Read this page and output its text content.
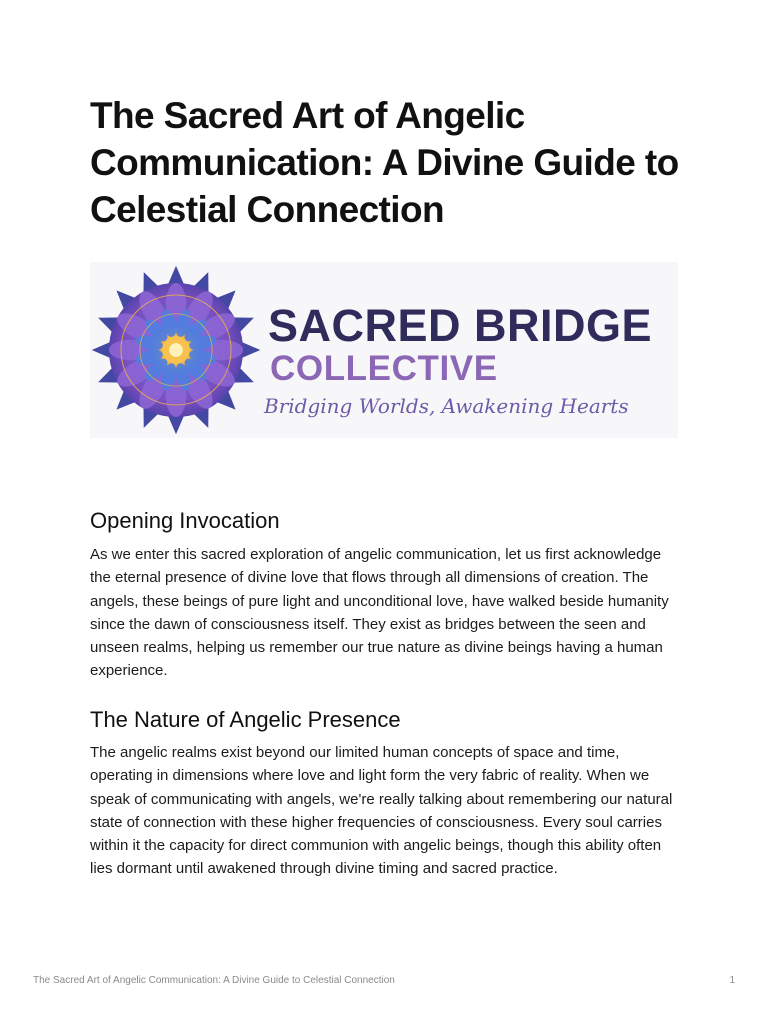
The Sacred Art of Angelic Communication: A Divine Guide to Celestial Connection
SACRED BRIDGE
COLLECTIVE
Bridging Worlds, Awakening Hearts
Opening Invocation

As we enter this sacred exploration of angelic communication, let us first acknowledge the eternal presence of divine love that flows through all dimensions of creation. The angels, these beings of pure light and unconditional love, have walked beside humanity since the dawn of consciousness itself. They exist as bridges between the seen and unseen realms, helping us remember our true nature as divine beings having a human experience.

The Nature of Angelic Presence

The angelic realms exist beyond our limited human concepts of space and time, operating in dimensions where love and light form the very fabric of reality. When we speak of communicating with angels, we're really talking about remembering our natural state of connection with these higher frequencies of consciousness. Every soul carries within it the capacity for direct communion with angelic beings, though this ability often lies dormant until awakened through divine timing and sacred practice.

The Sacred Art of Angelic Communication: A Divine Guide to Celestial Connection	1
